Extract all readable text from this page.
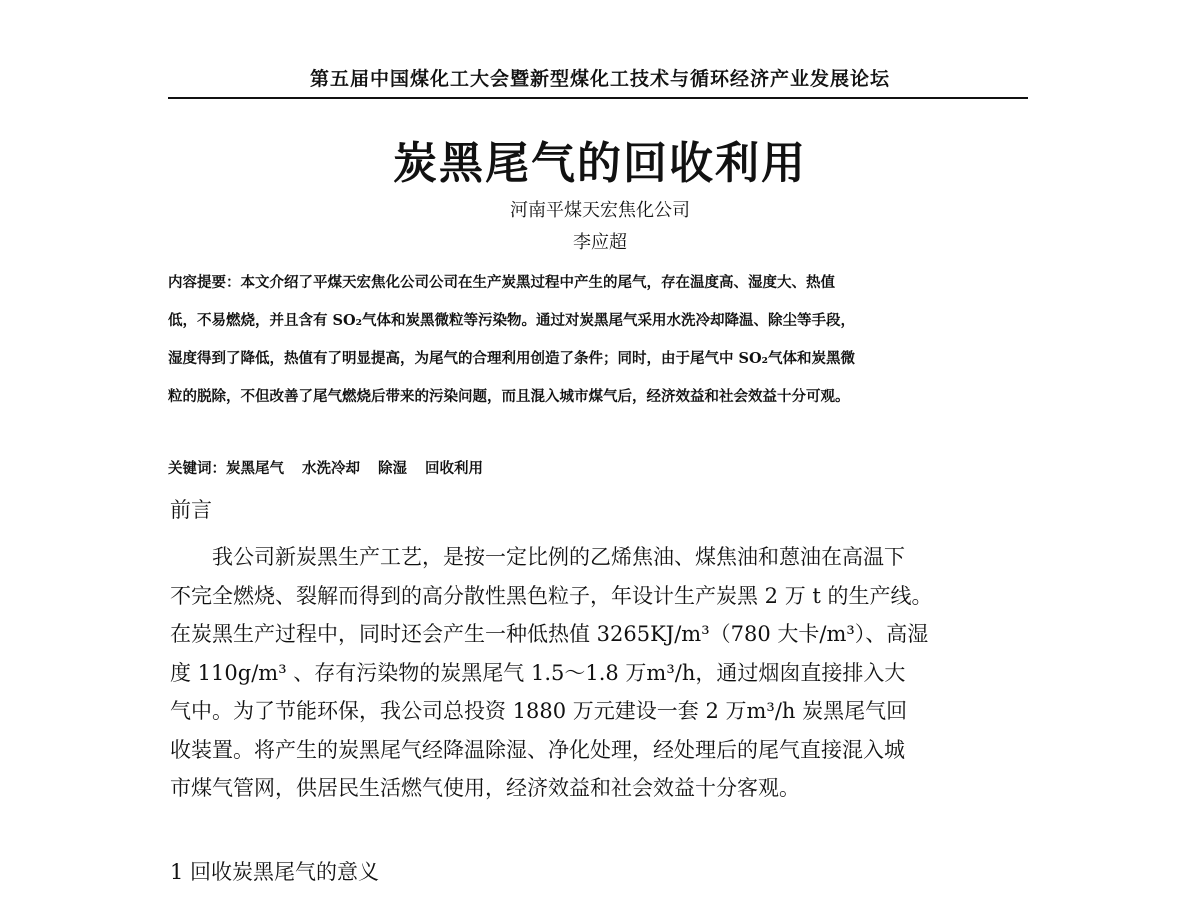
第五届中国煤化工大会暨新型煤化工技术与循环经济产业发展论坛
炭黑尾气的回收利用
河南平煤天宏焦化公司
李应超
内容提要：本文介绍了平煤天宏焦化公司公司在生产炭黑过程中产生的尾气，存在温度高、湿度大、热值
低，不易燃烧，并且含有 SO₂气体和炭黑微粒等污染物。通过对炭黑尾气采用水洗冷却降温、除尘等手段，
湿度得到了降低，热值有了明显提高，为尾气的合理利用创造了条件；同时，由于尾气中 SO₂气体和炭黑微
粒的脱除，不但改善了尾气燃烧后带来的污染问题，而且混入城市煤气后，经济效益和社会效益十分可观。
关键词：炭黑尾气 水洗冷却 除湿 回收利用
前言
　　我公司新炭黑生产工艺，是按一定比例的乙烯焦油、煤焦油和蒽油在高温下
不完全燃烧、裂解而得到的高分散性黑色粒子，年设计生产炭黑 2 万 t 的生产线。
在炭黑生产过程中，同时还会产生一种低热值 3265KJ/m³（780 大卡/m³）、高湿
度 110g/m³ 、存有污染物的炭黑尾气 1.5～1.8 万m³/h，通过烟囱直接排入大
气中。为了节能环保，我公司总投资 1880 万元建设一套 2 万m³/h 炭黑尾气回
收装置。将产生的炭黑尾气经降温除湿、净化处理，经处理后的尾气直接混入城
市煤气管网，供居民生活燃气使用，经济效益和社会效益十分客观。
1 回收炭黑尾气的意义
